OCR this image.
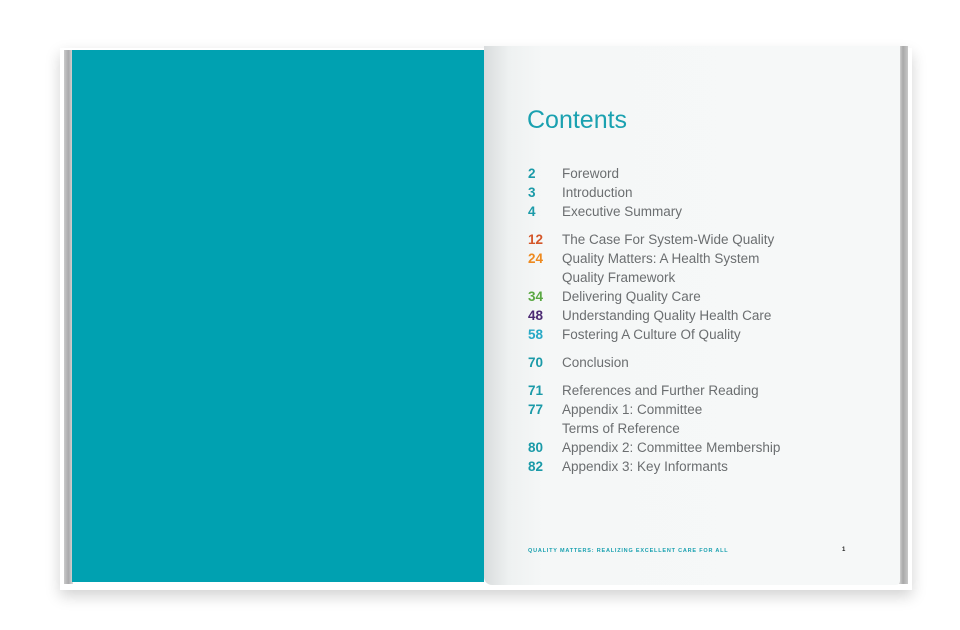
Contents
2	Foreword
3	Introduction
4	Executive Summary
12	The Case For System-Wide Quality
24	Quality Matters: A Health System
Quality Framework
34	Delivering Quality Care
48	Understanding Quality Health Care
58	Fostering A Culture Of Quality
70	Conclusion
71	References and Further Reading
77	Appendix 1: Committee
Terms of Reference
80	Appendix 2: Committee Membership
82	Appendix 3: Key Informants
QUALITY MATTERS: REALIZING EXCELLENT CARE FOR ALL	1
